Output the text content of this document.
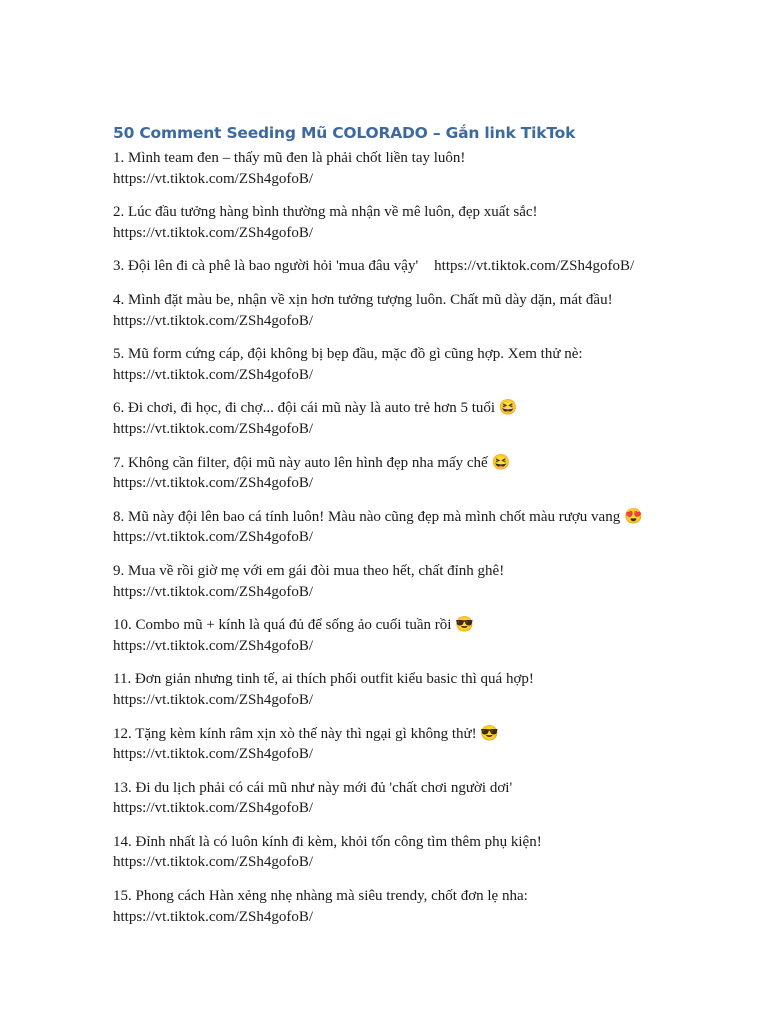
50 Comment Seeding Mũ COLORADO – Gắn link TikTok
1. Mình team đen – thấy mũ đen là phải chốt liền tay luôn!
https://vt.tiktok.com/ZSh4gofoB/
2. Lúc đầu tưởng hàng bình thường mà nhận về mê luôn, đẹp xuất sắc!
https://vt.tiktok.com/ZSh4gofoB/
3. Đội lên đi cà phê là bao người hỏi 'mua đâu vậy' https://vt.tiktok.com/ZSh4gofoB/
4. Mình đặt màu be, nhận về xịn hơn tưởng tượng luôn. Chất mũ dày dặn, mát đầu!
https://vt.tiktok.com/ZSh4gofoB/
5. Mũ form cứng cáp, đội không bị bẹp đầu, mặc đồ gì cũng hợp. Xem thử nè:
https://vt.tiktok.com/ZSh4gofoB/
6. Đi chơi, đi học, đi chợ... đội cái mũ này là auto trẻ hơn 5 tuổi 😆
https://vt.tiktok.com/ZSh4gofoB/
7. Không cần filter, đội mũ này auto lên hình đẹp nha mấy chế 😆
https://vt.tiktok.com/ZSh4gofoB/
8. Mũ này đội lên bao cá tính luôn! Màu nào cũng đẹp mà mình chốt màu rượu vang 😍
https://vt.tiktok.com/ZSh4gofoB/
9. Mua về rồi giờ mẹ với em gái đòi mua theo hết, chất đỉnh ghê!
https://vt.tiktok.com/ZSh4gofoB/
10. Combo mũ + kính là quá đủ để sống ảo cuối tuần rồi 😎
https://vt.tiktok.com/ZSh4gofoB/
11. Đơn giản nhưng tinh tế, ai thích phối outfit kiểu basic thì quá hợp!
https://vt.tiktok.com/ZSh4gofoB/
12. Tặng kèm kính râm xịn xò thế này thì ngại gì không thử! 😎
https://vt.tiktok.com/ZSh4gofoB/
13. Đi du lịch phải có cái mũ như này mới đủ 'chất chơi người dơi'
https://vt.tiktok.com/ZSh4gofoB/
14. Đỉnh nhất là có luôn kính đi kèm, khỏi tốn công tìm thêm phụ kiện!
https://vt.tiktok.com/ZSh4gofoB/
15. Phong cách Hàn xẻng nhẹ nhàng mà siêu trendy, chốt đơn lẹ nha:
https://vt.tiktok.com/ZSh4gofoB/
